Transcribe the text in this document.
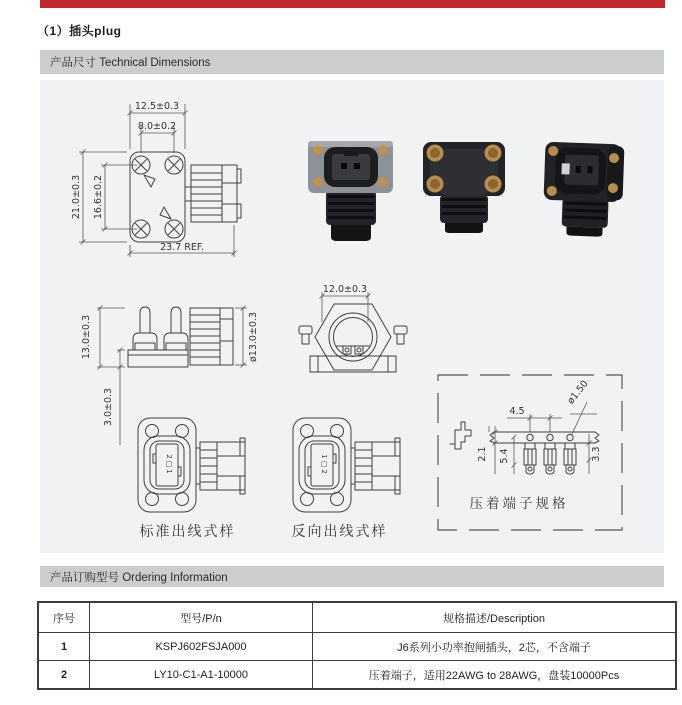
（1）插头plug
产品尺寸 Technical Dimensions
12.5±0.3
8.0±0.2
21.0±0.3 16.6±0.2
23.7 REF.
13.0±0.3
3.0±0.3
ø13.0±0.3
12.0±0.3
2□1
标准出线式样
1□2
反向出线式样
4.5
ø1.50
2.1 5.4	3.3
压着端子规格
产品订购型号 Ordering Information
序号	型号/P/n	规格描述/Description
1	KSPJ602FSJA000	J6系列小功率抱闸插头，2芯，不含端子
2	LY10-C1-A1-10000	压着端子，适用22AWG to 28AWG，盘装10000Pcs
